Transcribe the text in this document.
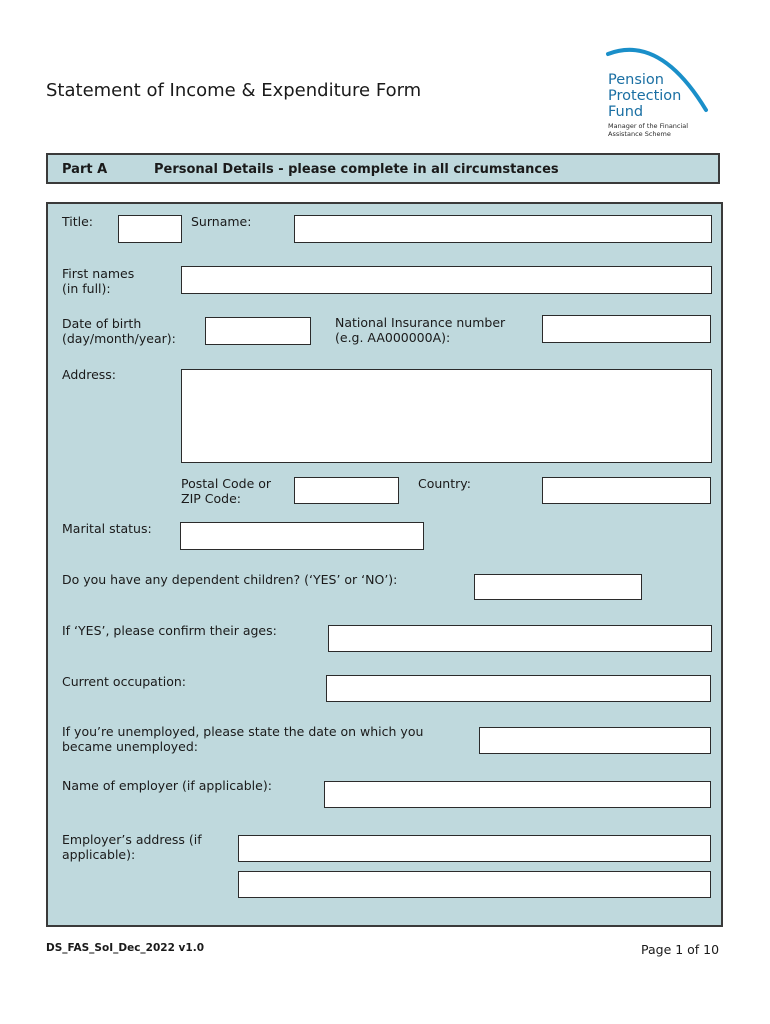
Statement of Income & Expenditure Form	Pension
Protection
Fund
Manager of the Financial
Assistance Scheme
Part A	Personal Details - please complete in all circumstances
Title:	Surname:
First names
(in full):
Date of birth
(day/month/year):
National Insurance number
(e.g. AA000000A):
Address:
Postal Code or
ZIP Code:
Country:
Marital status:
Do you have any dependent children? (‘YES’ or ‘NO’):
If ‘YES’, please confirm their ages:
Current occupation:
If you’re unemployed, please state the date on which you
became unemployed:
Name of employer (if applicable):
Employer’s address (if
applicable):
DS_FAS_SoI_Dec_2022 v1.0	Page 1 of 10
